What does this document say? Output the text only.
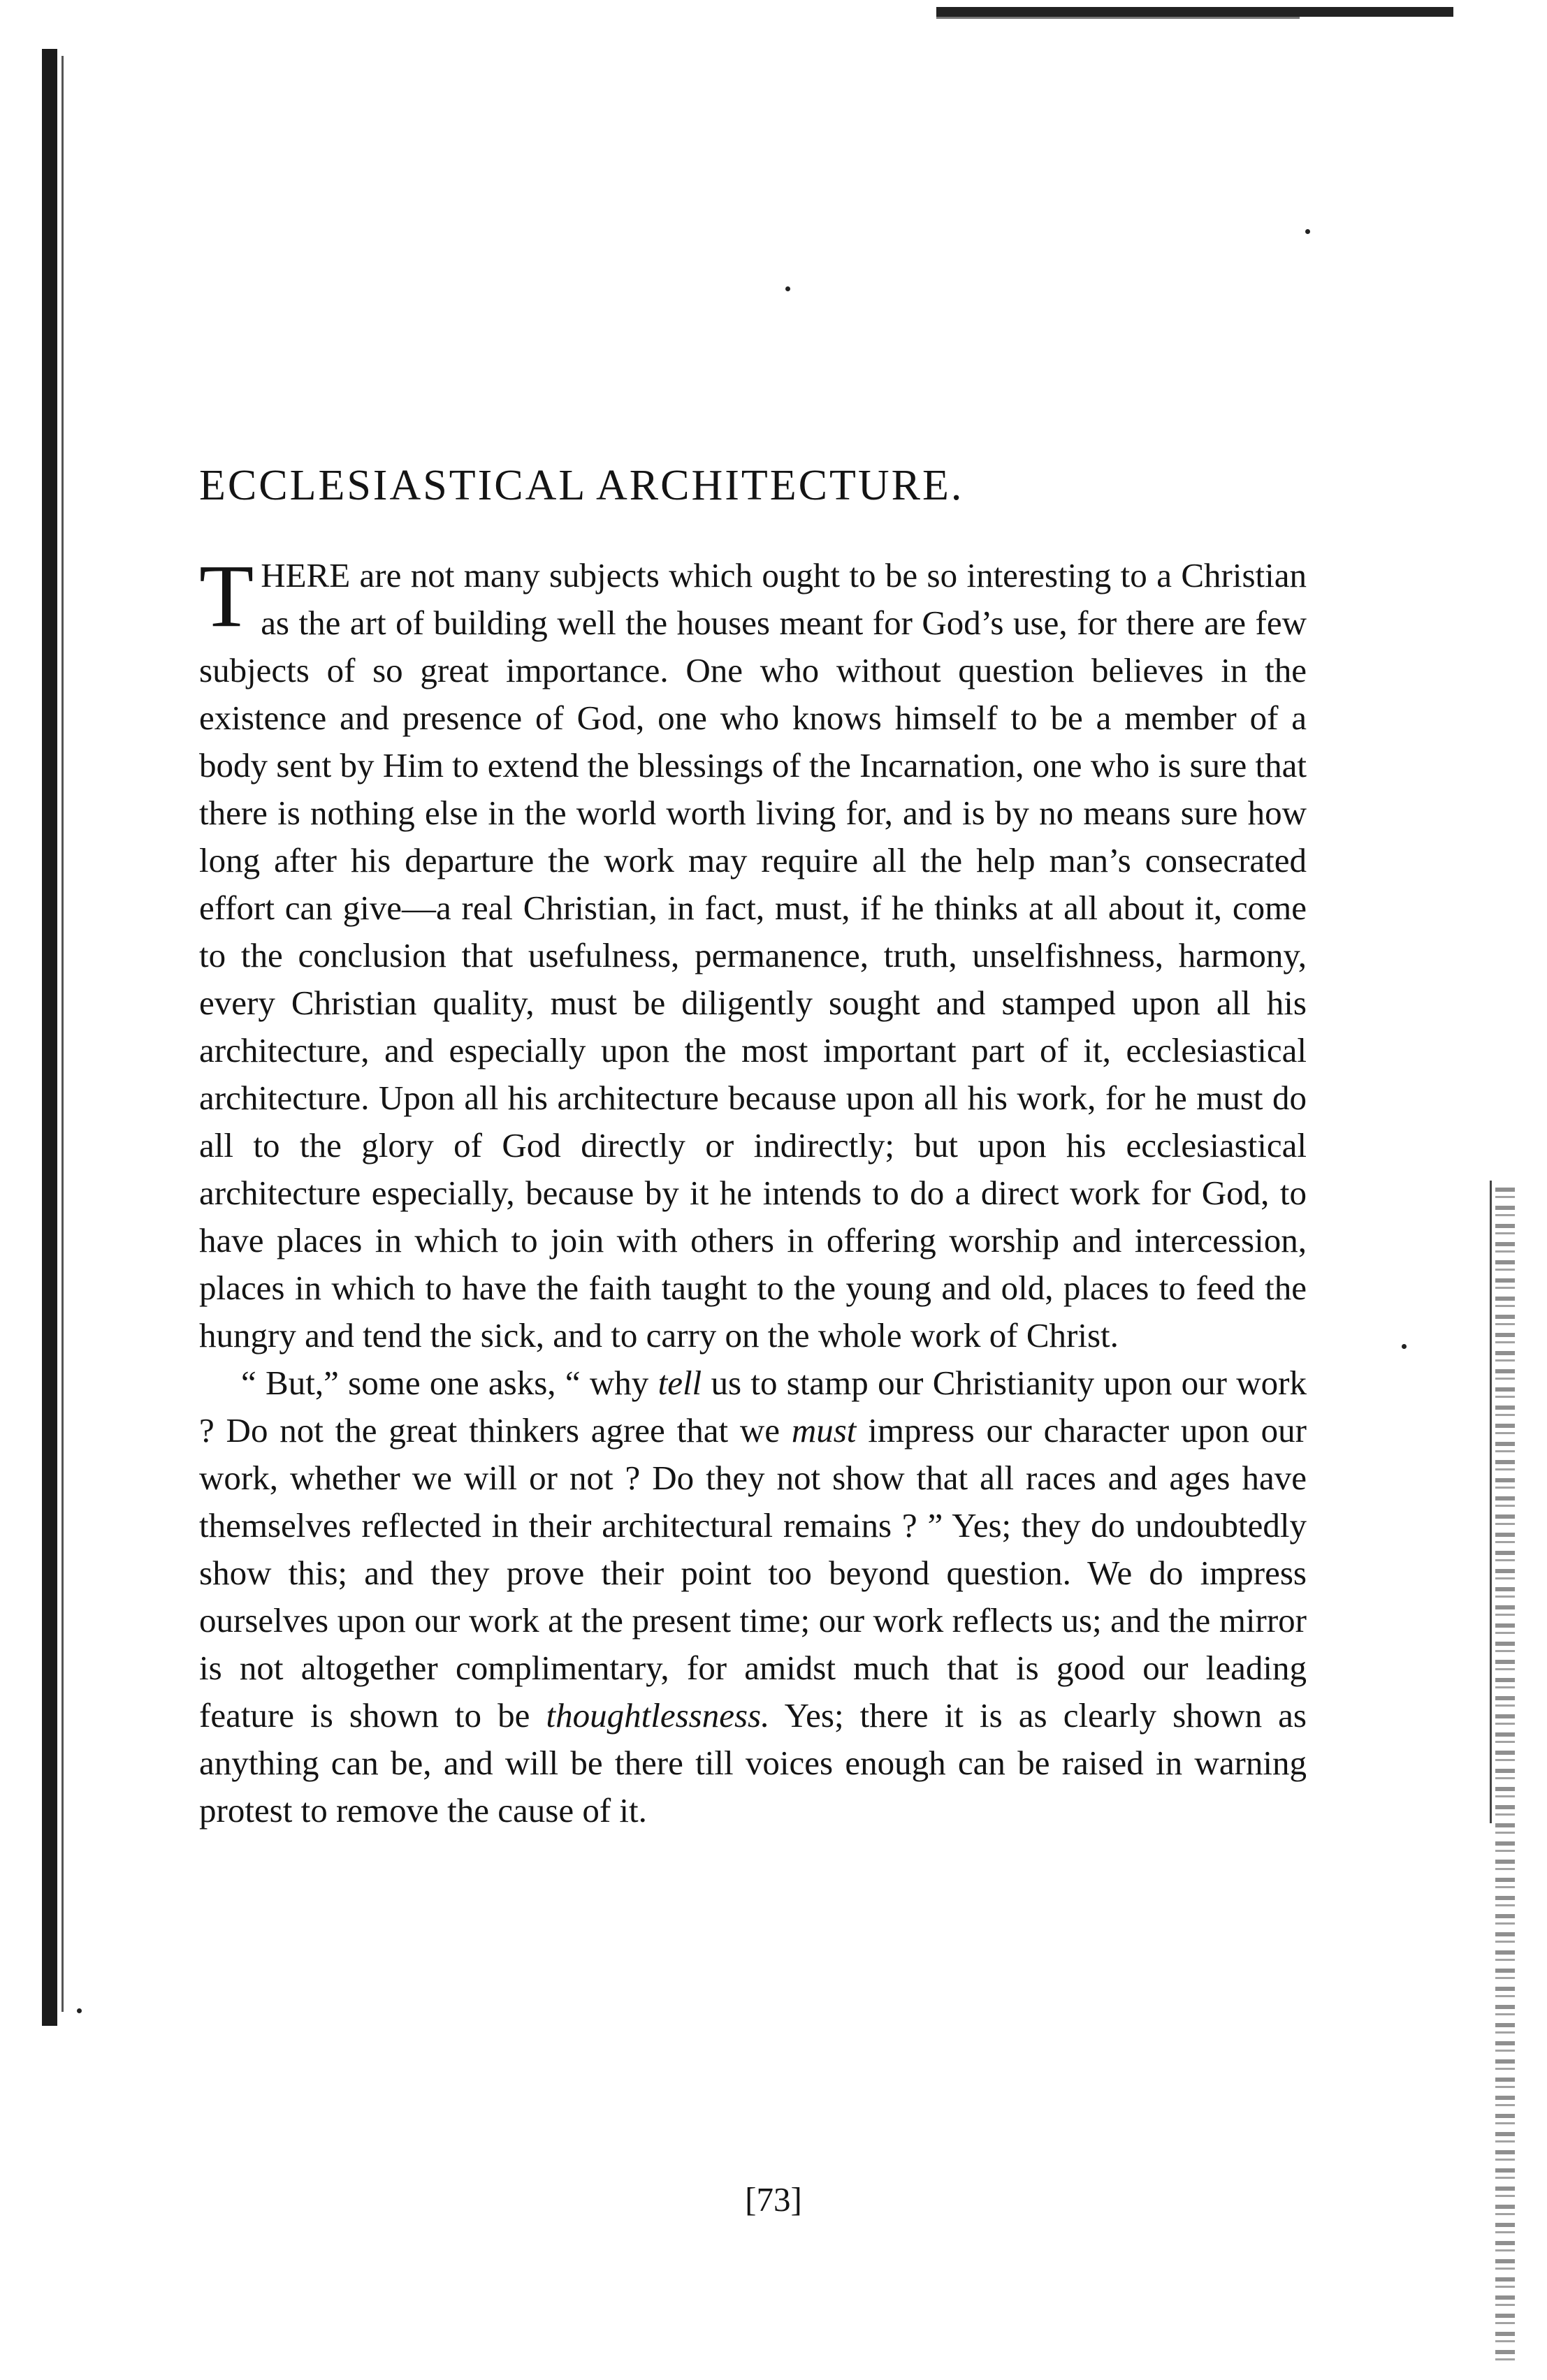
ECCLESIASTICAL ARCHITECTURE.

THERE are not many subjects which ought to be so interesting to a Christian as the art of building well the houses meant for God’s use, for there are few subjects of so great importance. One who without question believes in the existence and presence of God, one who knows himself to be a member of a body sent by Him to extend the blessings of the Incarnation, one who is sure that there is nothing else in the world worth living for, and is by no means sure how long after his departure the work may require all the help man’s consecrated effort can give—a real Christian, in fact, must, if he thinks at all about it, come to the conclusion that usefulness, permanence, truth, unselfishness, harmony, every Christian quality, must be diligently sought and stamped upon all his architecture, and especially upon the most important part of it, ecclesiastical architecture. Upon all his architecture because upon all his work, for he must do all to the glory of God directly or indirectly; but upon his ecclesiastical architecture especially, because by it he intends to do a direct work for God, to have places in which to join with others in offering worship and intercession, places in which to have the faith taught to the young and old, places to feed the hungry and tend the sick, and to carry on the whole work of Christ.

“ But,” some one asks, “ why tell us to stamp our Christianity upon our work ? Do not the great thinkers agree that we must impress our character upon our work, whether we will or not ? Do they not show that all races and ages have themselves reflected in their architectural remains ? ” Yes; they do undoubtedly show this; and they prove their point too beyond question. We do impress ourselves upon our work at the present time; our work reflects us; and the mirror is not altogether complimentary, for amidst much that is good our leading feature is shown to be thoughtlessness. Yes; there it is as clearly shown as anything can be, and will be there till voices enough can be raised in warning protest to remove the cause of it.

[73]
